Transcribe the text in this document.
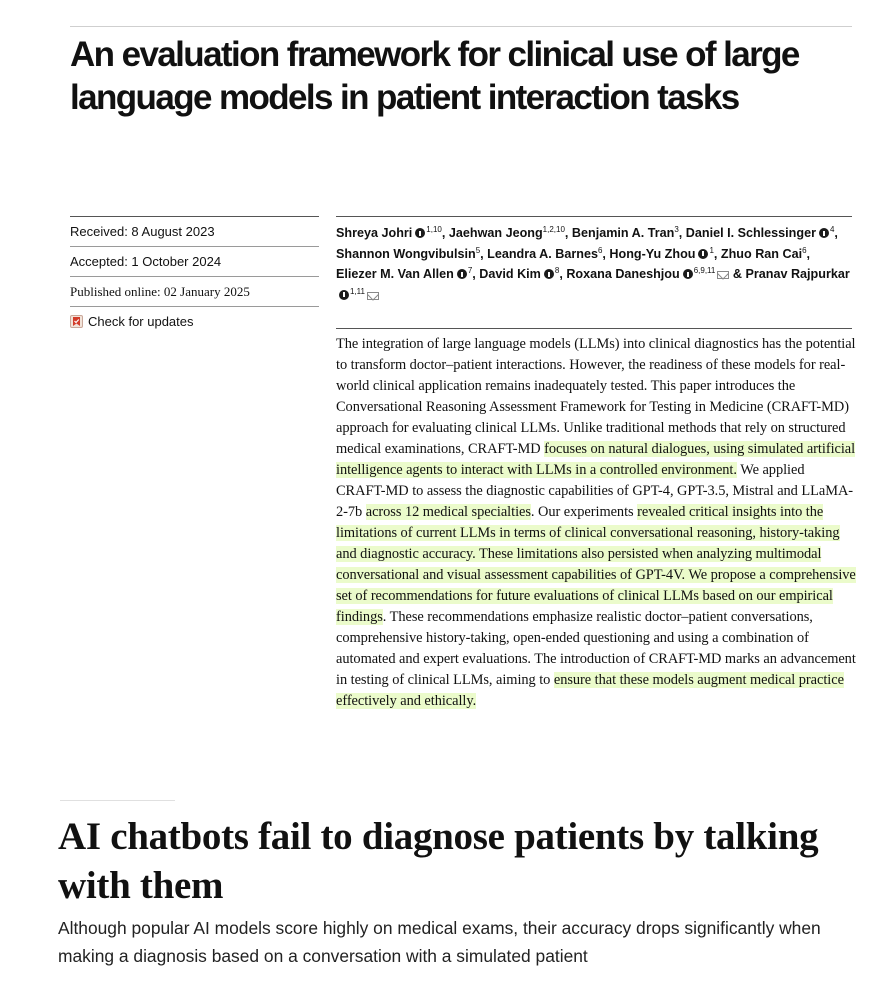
An evaluation framework for clinical use of large language models in patient interaction tasks
Received: 8 August 2023
Accepted: 1 October 2024
Published online: 02 January 2025
Check for updates
Shreya Johri $^{1,10}$, Jaehwan Jeong$^{1,2,10}$, Benjamin A. Tran$^3$, Daniel I. Schlessinger $^4$, Shannon Wongvibulsin$^5$, Leandra A. Barnes$^6$, Hong-Yu Zhou $^1$, Zhuo Ran Cai$^6$, Eliezer M. Van Allen $^7$, David Kim $^8$, Roxana Daneshjou $^{6,9,11}$ & Pranav Rajpurkar$^{1,11}$

The integration of large language models (LLMs) into clinical diagnostics has the potential to transform doctor–patient interactions. However, the readiness of these models for real-world clinical application remains inadequately tested. This paper introduces the Conversational Reasoning Assessment Framework for Testing in Medicine (CRAFT-MD) approach for evaluating clinical LLMs. Unlike traditional methods that rely on structured medical examinations, CRAFT-MD focuses on natural dialogues, using simulated artificial intelligence agents to interact with LLMs in a controlled environment. We applied CRAFT-MD to assess the diagnostic capabilities of GPT-4, GPT-3.5, Mistral and LLaMA-2-7b across 12 medical specialties. Our experiments revealed critical insights into the limitations of current LLMs in terms of clinical conversational reasoning, history-taking and diagnostic accuracy. These limitations also persisted when analyzing multimodal conversational and visual assessment capabilities of GPT-4V. We propose a comprehensive set of recommendations for future evaluations of clinical LLMs based on our empirical findings. These recommendations emphasize realistic doctor–patient conversations, comprehensive history-taking, open-ended questioning and using a combination of automated and expert evaluations. The introduction of CRAFT-MD marks an advancement in testing of clinical LLMs, aiming to ensure that these models augment medical practice effectively and ethically.

AI chatbots fail to diagnose patients by talking with them

Although popular AI models score highly on medical exams, their accuracy drops significantly when making a diagnosis based on a conversation with a simulated patient
